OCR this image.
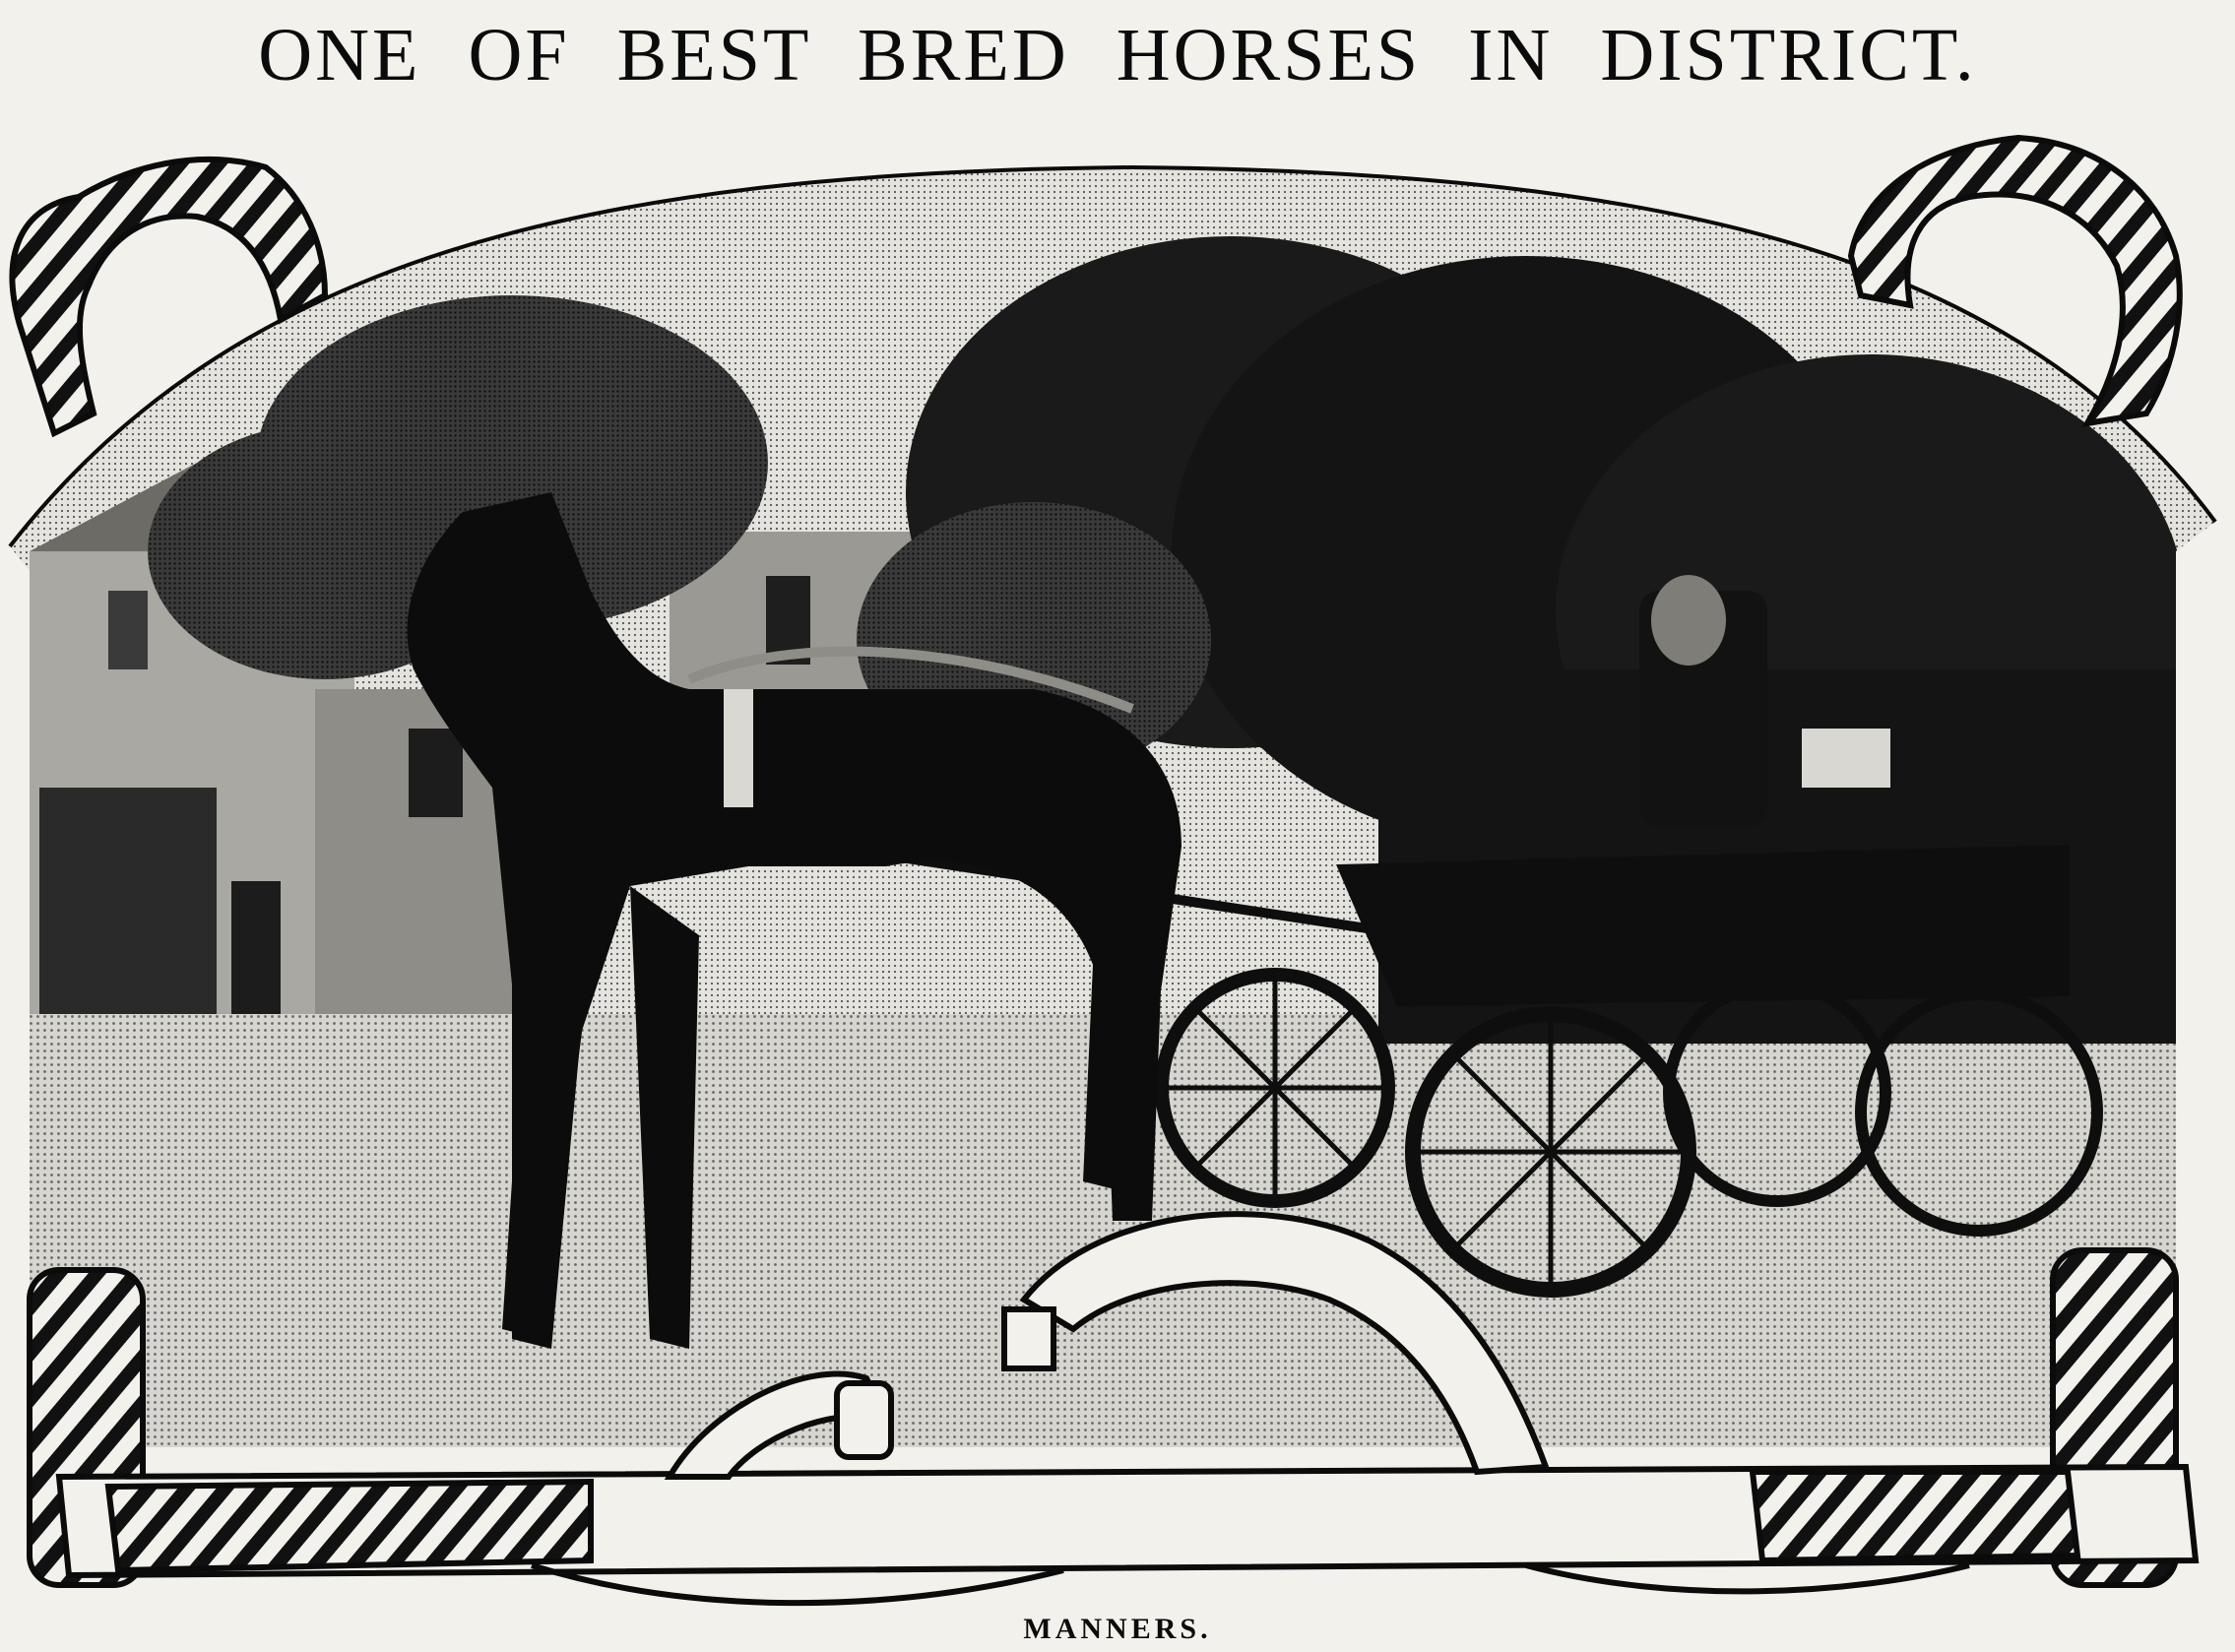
ONE OF BEST BRED HORSES IN DISTRICT.
MANNERS.
